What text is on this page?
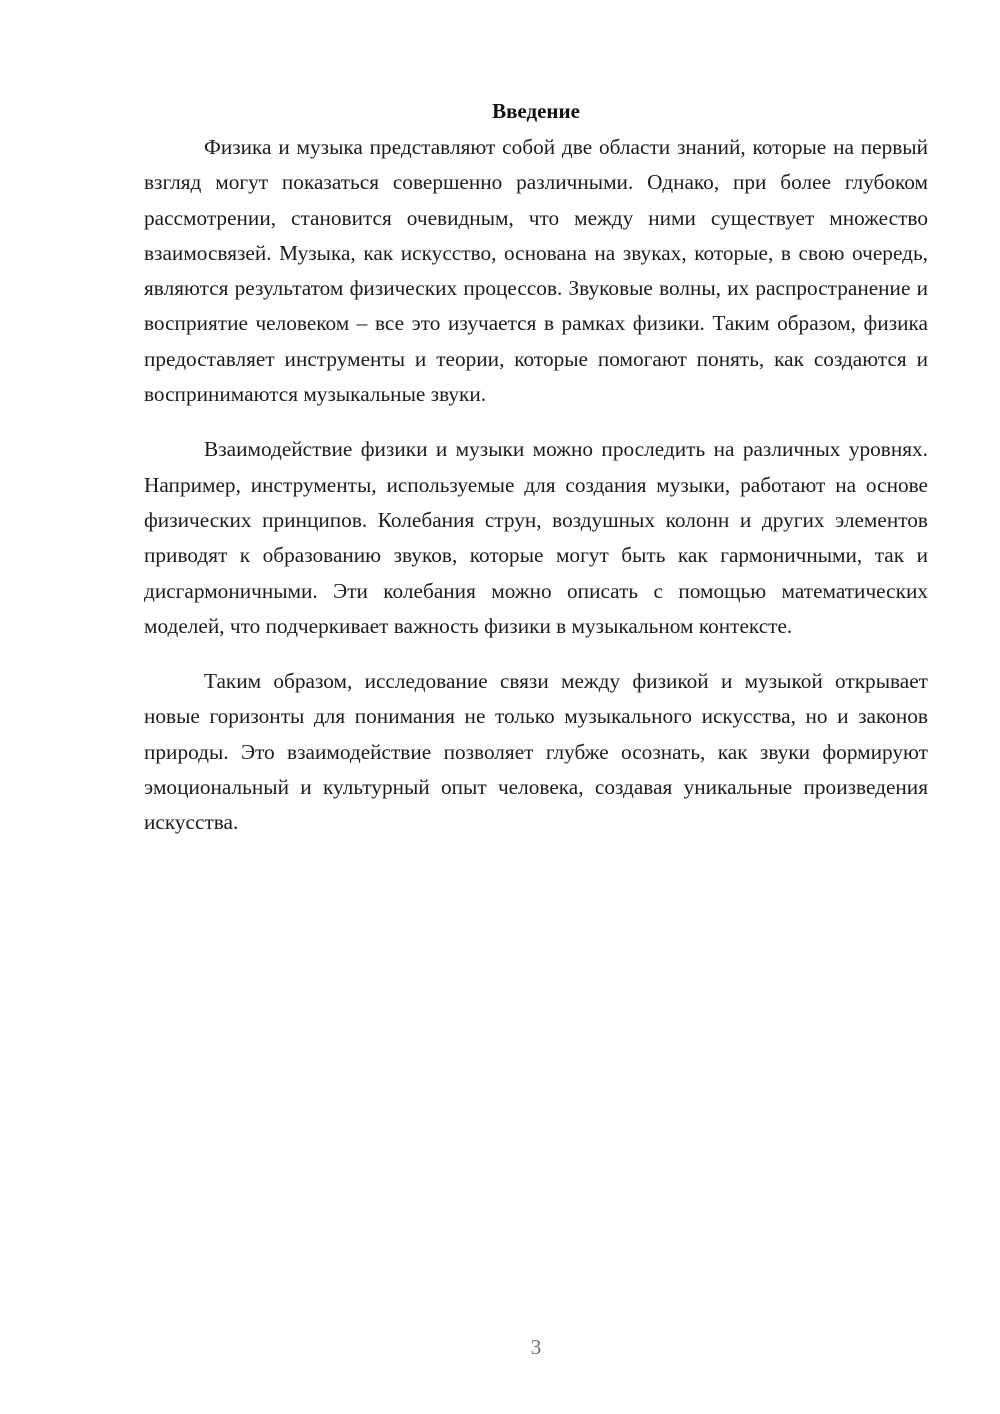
Введение

Физика и музыка представляют собой две области знаний, которые на первый взгляд могут показаться совершенно различными. Однако, при более глубоком рассмотрении, становится очевидным, что между ними существует множество взаимосвязей. Музыка, как искусство, основана на звуках, которые, в свою очередь, являются результатом физических процессов. Звуковые волны, их распространение и восприятие человеком – все это изучается в рамках физики. Таким образом, физика предоставляет инструменты и теории, которые помогают понять, как создаются и воспринимаются музыкальные звуки.

Взаимодействие физики и музыки можно проследить на различных уровнях. Например, инструменты, используемые для создания музыки, работают на основе физических принципов. Колебания струн, воздушных колонн и других элементов приводят к образованию звуков, которые могут быть как гармоничными, так и дисгармоничными. Эти колебания можно описать с помощью математических моделей, что подчеркивает важность физики в музыкальном контексте.

Таким образом, исследование связи между физикой и музыкой открывает новые горизонты для понимания не только музыкального искусства, но и законов природы. Это взаимодействие позволяет глубже осознать, как звуки формируют эмоциональный и культурный опыт человека, создавая уникальные произведения искусства.

3
